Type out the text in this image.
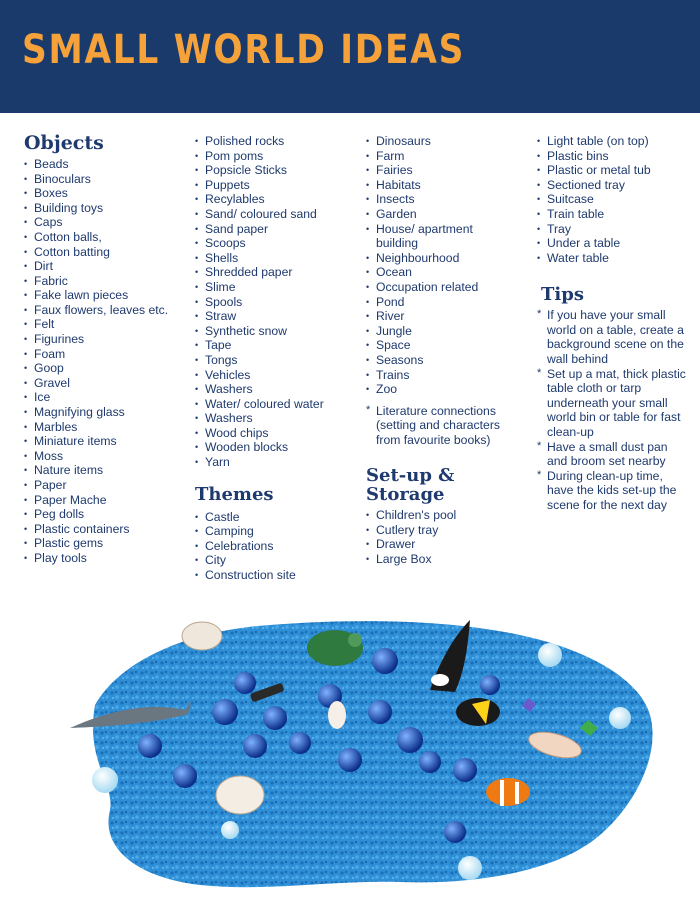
SMALL WORLD IDEAS
Objects
• Beads
• Binoculars
• Boxes
• Building toys
• Caps
• Cotton balls,
• Cotton batting
• Dirt
• Fabric
• Fake lawn pieces
• Faux flowers, leaves etc.
• Felt
• Figurines
• Foam
• Goop
• Gravel
• Ice
• Magnifying glass
• Marbles
• Miniature items
• Moss
• Nature items
• Paper
• Paper Mache
• Peg dolls
• Plastic containers
• Plastic gems
• Play tools
• Polished rocks
• Pom poms
• Popsicle Sticks
• Puppets
• Recylables
• Sand/ coloured sand
• Sand paper
• Scoops
• Shells
• Shredded paper
• Slime
• Spools
• Straw
• Synthetic snow
• Tape
• Tongs
• Vehicles
• Washers
• Water/ coloured water
• Washers
• Wood chips
• Wooden blocks
• Yarn
Themes
• Castle
• Camping
• Celebrations
• City
• Construction site
• Dinosaurs
• Farm
• Fairies
• Habitats
• Insects
• Garden
• House/ apartment building
• Neighbourhood
• Ocean
• Occupation related
• Pond
• River
• Jungle
• Space
• Seasons
• Trains
• Zoo
* Literature connections (setting and characters from favourite books)
Set-up &
Storage
• Children's pool
• Cutlery tray
• Drawer
• Large Box
• Light table (on top)
• Plastic bins
• Plastic or metal tub
• Sectioned tray
• Suitcase
• Train table
• Tray
• Under a table
• Water table
Tips
* If you have your small world on a table, create a background scene on the wall behind
* Set up a mat, thick plastic table cloth or tarp underneath your small world bin or table for fast clean-up
* Have a small dust pan and broom set nearby
* During clean-up time, have the kids set-up the scene for the next day
